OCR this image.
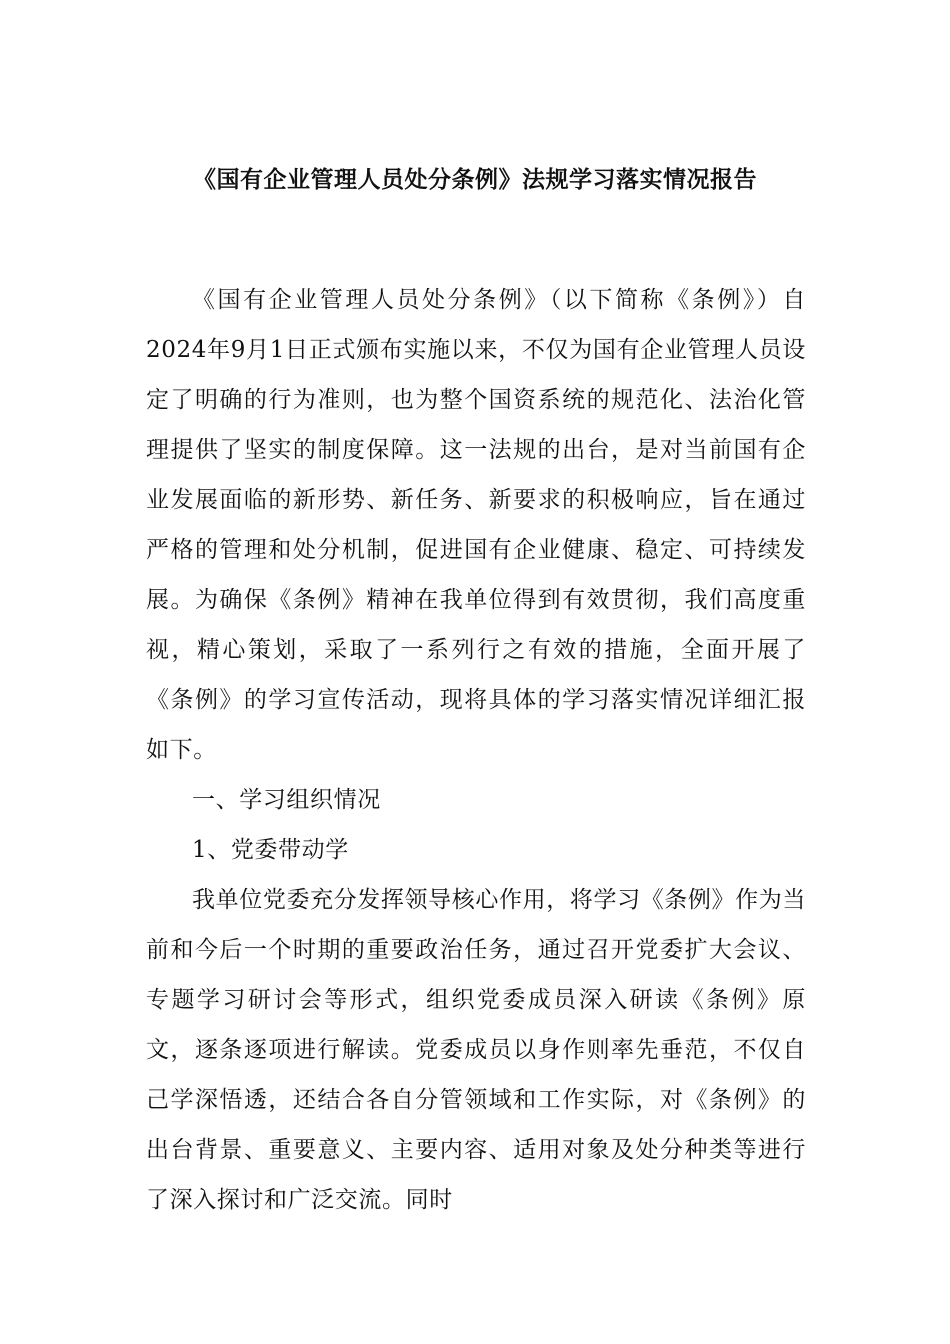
《国有企业管理人员处分条例》法规学习落实情况报告

《国有企业管理人员处分条例》（以下简称《条例》）自2024年9月1日正式颁布实施以来，不仅为国有企业管理人员设定了明确的行为准则，也为整个国资系统的规范化、法治化管理提供了坚实的制度保障。这一法规的出台，是对当前国有企业发展面临的新形势、新任务、新要求的积极响应，旨在通过严格的管理和处分机制，促进国有企业健康、稳定、可持续发展。为确保《条例》精神在我单位得到有效贯彻，我们高度重视，精心策划，采取了一系列行之有效的措施，全面开展了《条例》的学习宣传活动，现将具体的学习落实情况详细汇报如下。

一、学习组织情况

1、党委带动学

我单位党委充分发挥领导核心作用，将学习《条例》作为当前和今后一个时期的重要政治任务，通过召开党委扩大会议、专题学习研讨会等形式，组织党委成员深入研读《条例》原文，逐条逐项进行解读。党委成员以身作则率先垂范，不仅自己学深悟透，还结合各自分管领域和工作实际，对《条例》的出台背景、重要意义、主要内容、适用对象及处分种类等进行了深入探讨和广泛交流。同时
